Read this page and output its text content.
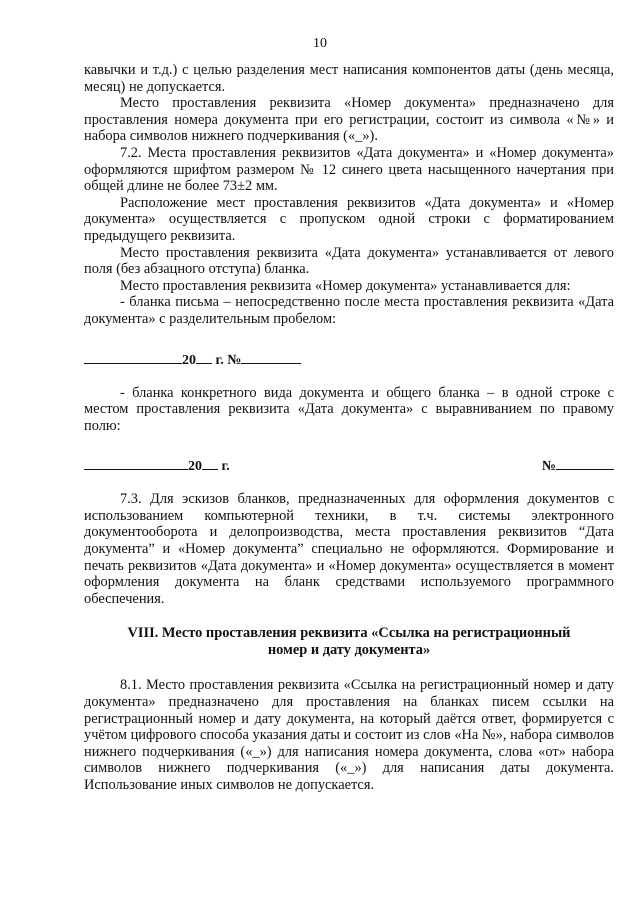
10

кавычки и т.д.) с целью разделения мест написания компонентов даты (день месяца, месяц) не допускается.

Место проставления реквизита «Номер документа» предназначено для проставления номера документа при его регистрации, состоит из символа «№» и набора символов нижнего подчеркивания («_»).

7.2. Места проставления реквизитов «Дата документа» и «Номер документа» оформляются шрифтом размером № 12 синего цвета насыщенного начертания при общей длине не более 73±2 мм.

Расположение мест проставления реквизитов «Дата документа» и «Номер документа» осуществляется с пропуском одной строки с форматированием предыдущего реквизита.

Место проставления реквизита «Дата документа» устанавливается от левого поля (без абзацного отступа) бланка.

Место проставления реквизита «Номер документа» устанавливается для:

- бланка письма – непосредственно после места проставления реквизита «Дата документа» с разделительным пробелом:

20 г. №

- бланка конкретного вида документа и общего бланка – в одной строке с местом проставления реквизита «Дата документа» с выравниванием по правому полю:

20 г.	№

7.3. Для эскизов бланков, предназначенных для оформления документов с использованием компьютерной техники, в т.ч. системы электронного документооборота и делопроизводства, места проставления реквизитов “Дата документа” и «Номер документа” специально не оформляются. Формирование и печать реквизитов «Дата документа» и «Номер документа» осуществляется в момент оформления документа на бланк средствами используемого программного обеспечения.

VIII. Место проставления реквизита «Ссылка на регистрационный
номер и дату документа»

8.1. Место проставления реквизита «Ссылка на регистрационный номер и дату документа» предназначено для проставления на бланках писем ссылки на регистрационный номер и дату документа, на который даётся ответ, формируется с учётом цифрового способа указания даты и состоит из слов «На №», набора символов нижнего подчеркивания («_») для написания номера документа, слова «от» набора символов нижнего подчеркивания («_») для написания даты документа. Использование иных символов не допускается.
